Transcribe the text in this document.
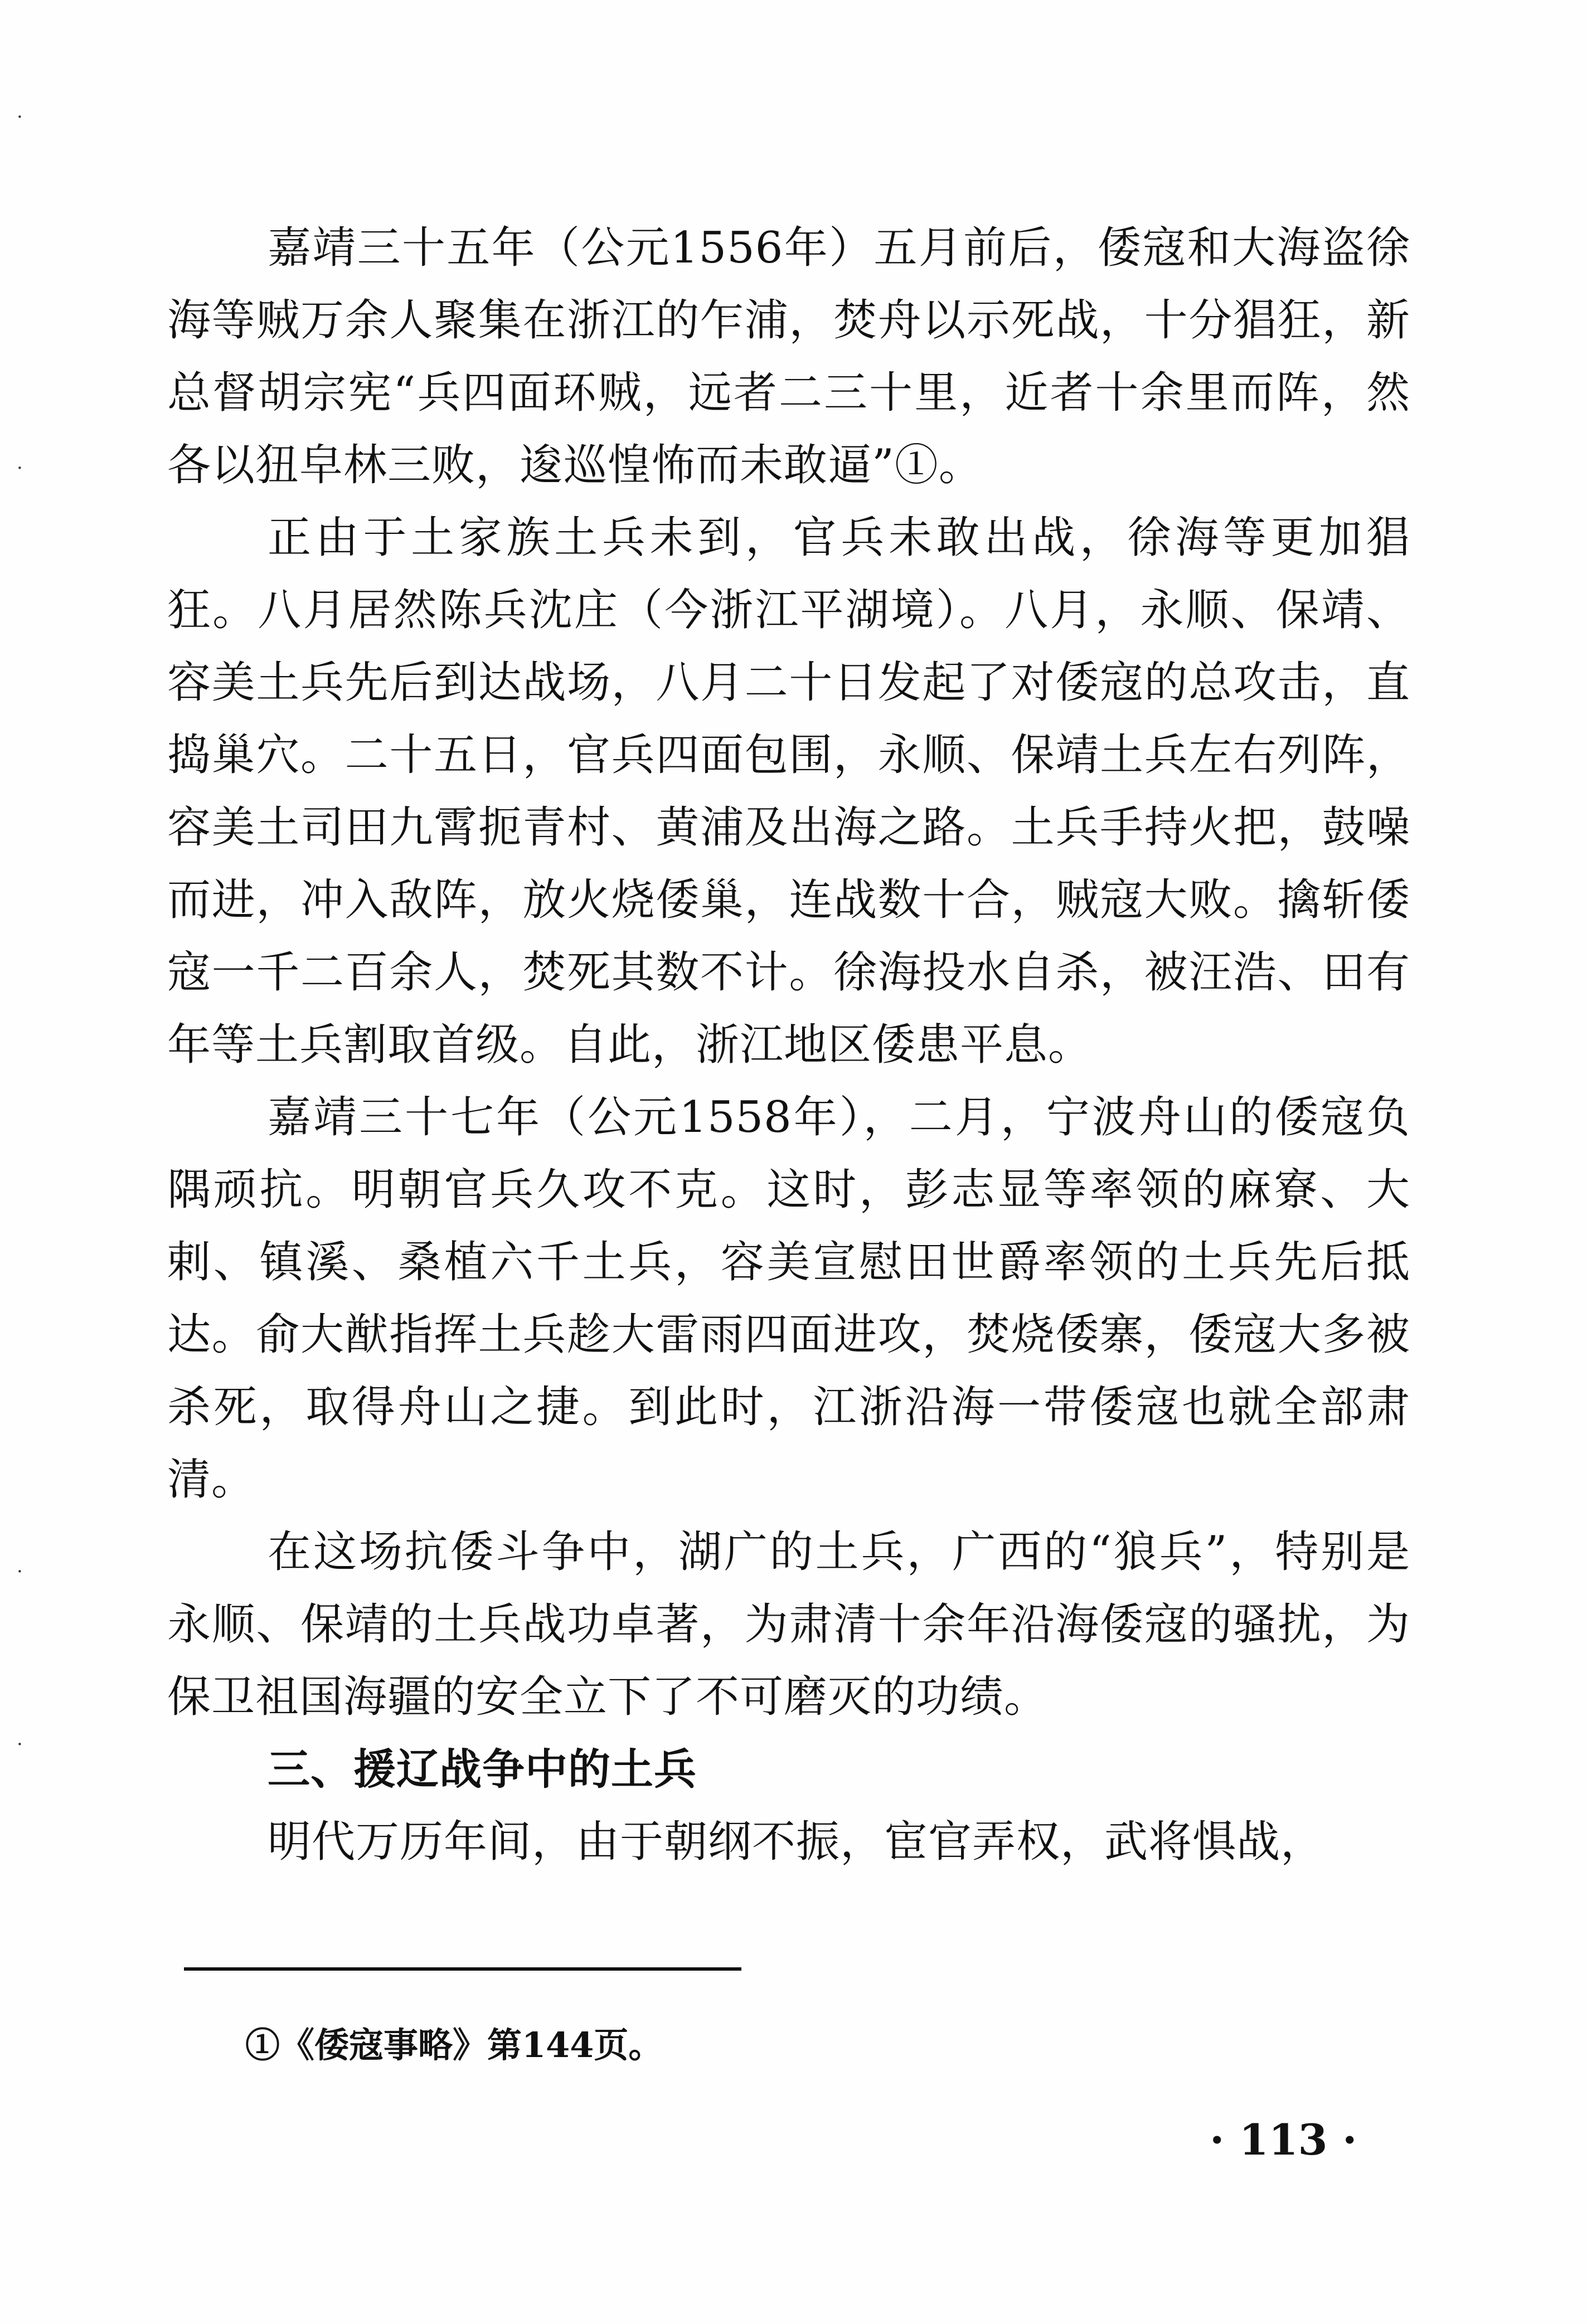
·
·
·
·

嘉靖三十五年（公元1556年）五月前后，倭寇和大海盗徐海等贼万余人聚集在浙江的乍浦，焚舟以示死战，十分猖狂，新总督胡宗宪“兵四面环贼，远者二三十里，近者十余里而阵，然各以狃皁林三败，逡巡惶怖而未敢逼”①。

正由于土家族土兵未到，官兵未敢出战，徐海等更加猖狂。八月居然陈兵沈庄（今浙江平湖境）。八月，永顺、保靖、容美土兵先后到达战场，八月二十日发起了对倭寇的总攻击，直捣巢穴。二十五日，官兵四面包围，永顺、保靖土兵左右列阵，容美土司田九霄扼青村、黄浦及出海之路。土兵手持火把，鼓噪而进，冲入敌阵，放火烧倭巢，连战数十合，贼寇大败。擒斩倭寇一千二百余人，焚死其数不计。徐海投水自杀，被汪浩、田有年等土兵割取首级。自此，浙江地区倭患平息。

嘉靖三十七年（公元1558年），二月，宁波舟山的倭寇负隅顽抗。明朝官兵久攻不克。这时，彭志显等率领的麻寮、大剌、镇溪、桑植六千土兵，容美宣慰田世爵率领的土兵先后抵达。俞大猷指挥土兵趁大雷雨四面进攻，焚烧倭寨，倭寇大多被杀死，取得舟山之捷。到此时，江浙沿海一带倭寇也就全部肃清。

在这场抗倭斗争中，湖广的土兵，广西的“狼兵”，特别是永顺、保靖的土兵战功卓著，为肃清十余年沿海倭寇的骚扰，为保卫祖国海疆的安全立下了不可磨灭的功绩。

三、援辽战争中的土兵

明代万历年间，由于朝纲不振，宦官弄权，武将惧战，

①《倭寇事略》第144页。
· 113 ·
